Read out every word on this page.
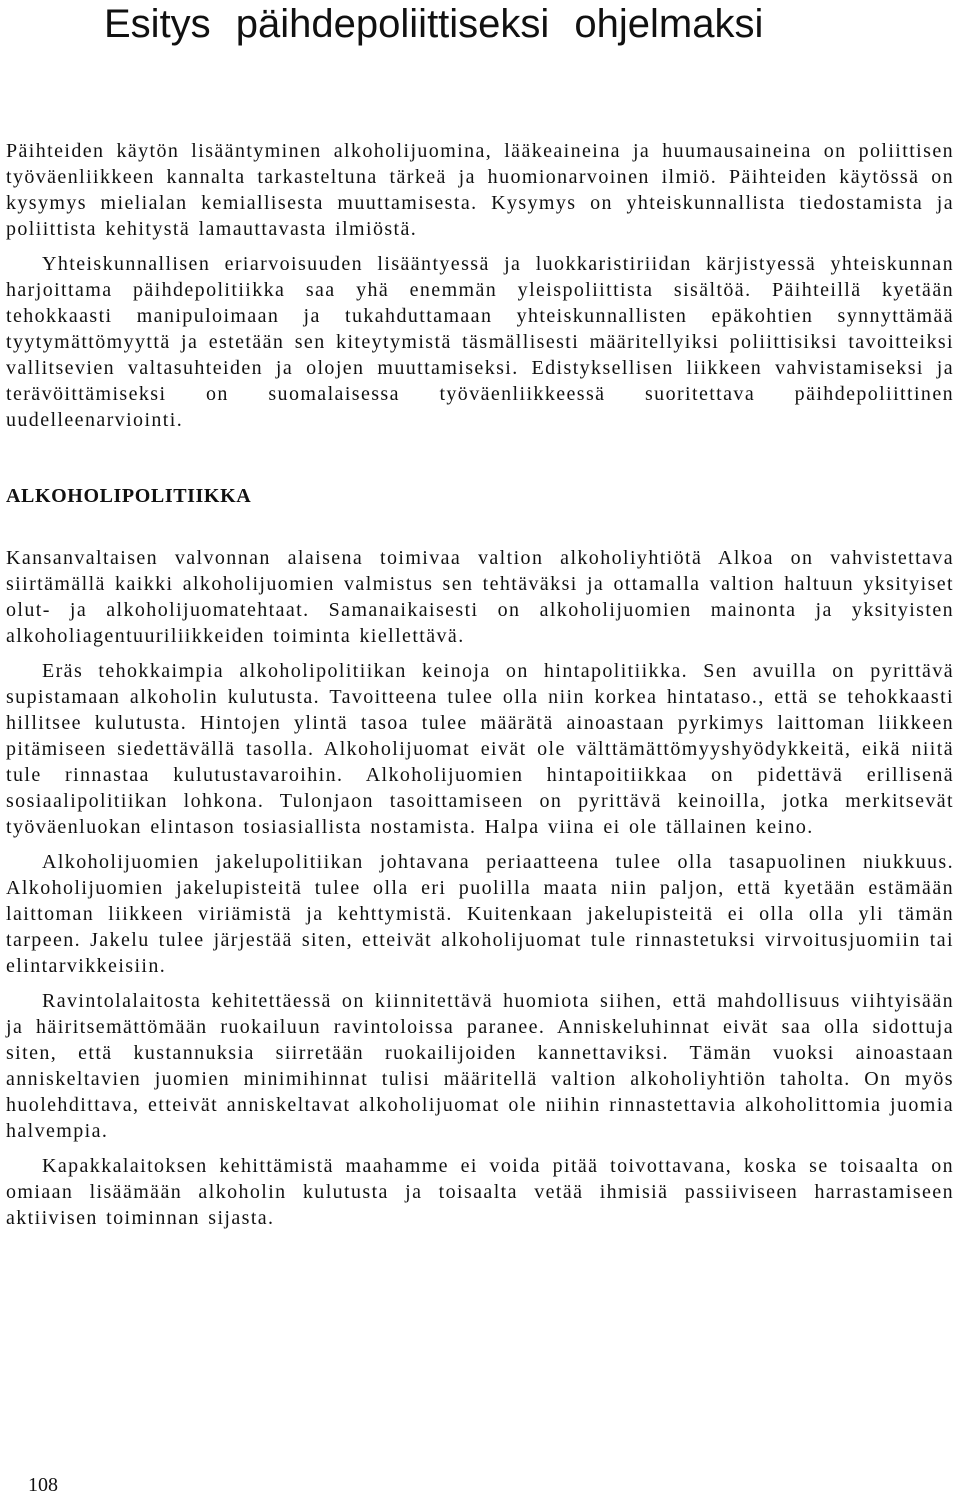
Esitys päihdepoliittiseksi ohjelmaksi

Päihteiden käytön lisääntyminen alkoholijuomina, lääkeaineina ja huumausaineina on poliittisen työväenliikkeen kannalta tarkasteltuna tärkeä ja huomionarvoinen ilmiö. Päihteiden käytössä on kysymys mielialan kemiallisesta muuttamisesta. Kysymys on yhteiskunnallista tiedostamista ja poliittista kehitystä lamauttavasta ilmiöstä.

Yhteiskunnallisen eriarvoisuuden lisääntyessä ja luokkaristiriidan kärjistyessä yhteiskunnan harjoittama päihdepolitiikka saa yhä enemmän yleispoliittista sisältöä. Päihteillä kyetään tehokkaasti manipuloimaan ja tukahduttamaan yhteiskunnallisten epäkohtien synnyttämää tyytymättömyyttä ja estetään sen kiteytymistä täsmällisesti määritellyiksi poliittisiksi tavoitteiksi vallitsevien valtasuhteiden ja olojen muuttamiseksi. Edistyksellisen liikkeen vahvistamiseksi ja terävöittämiseksi on suomalaisessa työväenliikkeessä suoritettava päihdepoliittinen uudelleenarviointi.

ALKOHOLIPOLITIIKKA

Kansanvaltaisen valvonnan alaisena toimivaa valtion alkoholiyhtiötä Alkoa on vahvistettava siirtämällä kaikki alkoholijuomien valmistus sen tehtäväksi ja ottamalla valtion haltuun yksityiset olut- ja alkoholijuomatehtaat. Samanaikaisesti on alkoholijuomien mainonta ja yksityisten alkoholiagentuuriliikkeiden toiminta kiellettävä.

Eräs tehokkaimpia alkoholipolitiikan keinoja on hintapolitiikka. Sen avuilla on pyrittävä supistamaan alkoholin kulutusta. Tavoitteena tulee olla niin korkea hintataso., että se tehokkaasti hillitsee kulutusta. Hintojen ylintä tasoa tulee määrätä ainoastaan pyrkimys laittoman liikkeen pitämiseen siedettävällä tasolla. Alkoholijuomat eivät ole välttämättömyyshyödykkeitä, eikä niitä tule rinnastaa kulutustavaroihin. Alkoholijuomien hintapoitiikkaa on pidettävä erillisenä sosiaalipolitiikan lohkona. Tulonjaon tasoittamiseen on pyrittävä keinoilla, jotka merkitsevät työväenluokan elintason tosiasiallista nostamista. Halpa viina ei ole tällainen keino.

Alkoholijuomien jakelupolitiikan johtavana periaatteena tulee olla tasapuolinen niukkuus. Alkoholijuomien jakelupisteitä tulee olla eri puolilla maata niin paljon, että kyetään estämään laittoman liikkeen viriämistä ja kehttymistä. Kuitenkaan jakelupisteitä ei olla olla yli tämän tarpeen. Jakelu tulee järjestää siten, etteivät alkoholijuomat tule rinnastetuksi virvoitusjuomiin tai elintarvikkeisiin.

Ravintolalaitosta kehitettäessä on kiinnitettävä huomiota siihen, että mahdollisuus viihtyisään ja häiritsemättömään ruokailuun ravintoloissa paranee. Anniskeluhinnat eivät saa olla sidottuja siten, että kustannuksia siirretään ruokailijoiden kannettaviksi. Tämän vuoksi ainoastaan anniskeltavien juomien minimihinnat tulisi määritellä valtion alkoholiyhtiön taholta. On myös huolehdittava, etteivät anniskeltavat alkoholijuomat ole niihin rinnastettavia alkoholittomia juomia halvempia.

Kapakkalaitoksen kehittämistä maahamme ei voida pitää toivottavana, koska se toisaalta on omiaan lisäämään alkoholin kulutusta ja toisaalta vetää ihmisiä passiiviseen harrastamiseen aktiivisen toiminnan sijasta.

108
